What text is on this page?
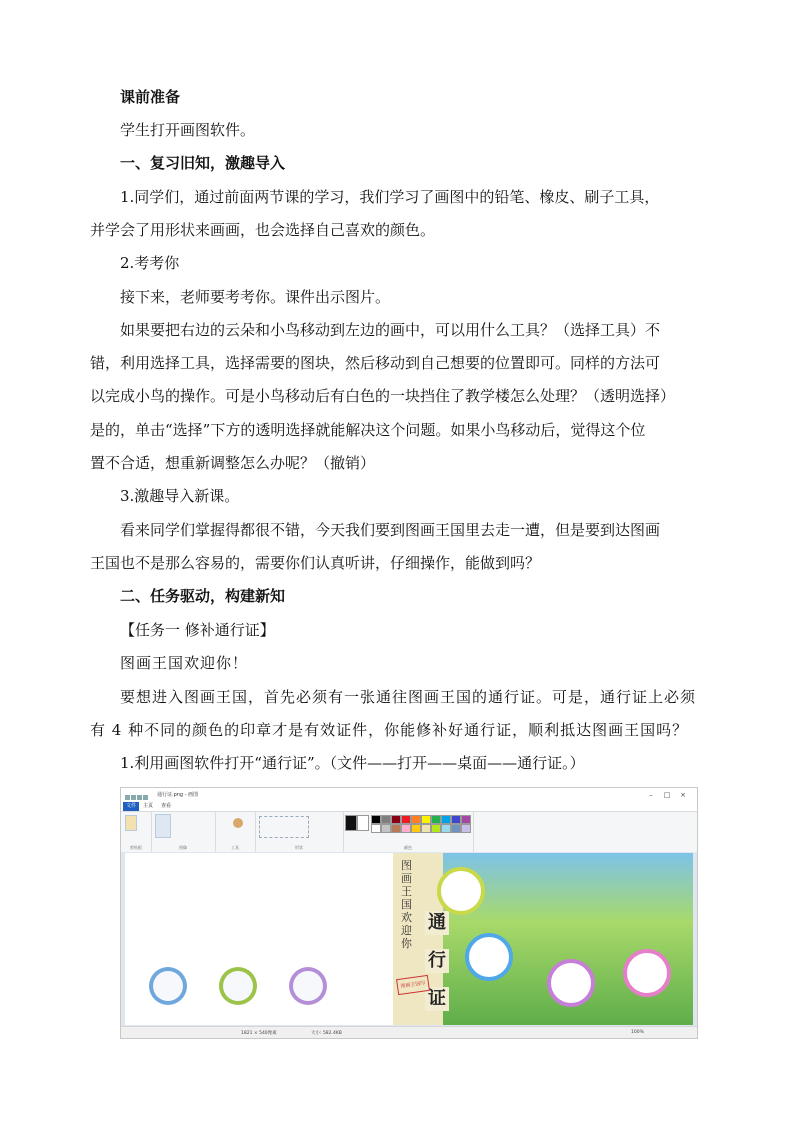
课前准备
学生打开画图软件。
一、复习旧知，激趣导入
1.同学们，通过前面两节课的学习，我们学习了画图中的铅笔、橡皮、刷子工具，
并学会了用形状来画画，也会选择自己喜欢的颜色。
2.考考你
接下来，老师要考考你。课件出示图片。
如果要把右边的云朵和小鸟移动到左边的画中，可以用什么工具？（选择工具）不
错，利用选择工具，选择需要的图块，然后移动到自己想要的位置即可。同样的方法可
以完成小鸟的操作。可是小鸟移动后有白色的一块挡住了教学楼怎么处理？（透明选择）
是的，单击“选择”下方的透明选择就能解决这个问题。如果小鸟移动后，觉得这个位
置不合适，想重新调整怎么办呢？（撤销）
3.激趣导入新课。
看来同学们掌握得都很不错，今天我们要到图画王国里去走一遭，但是要到达图画
王国也不是那么容易的，需要你们认真听讲，仔细操作，能做到吗？
二、任务驱动，构建新知
【任务一 修补通行证】
图画王国欢迎你！
要想进入图画王国，首先必须有一张通往图画王国的通行证。可是，通行证上必须
有 4 种不同的颜色的印章才是有效证件，你能修补好通行证，顺利抵达图画王国吗？
1.利用画图软件打开“通行证”。（文件——打开——桌面——通行证。）
通行证.png - 画图	– □ ×
文件	主页 查看
剪贴板	图像	工具	形状	颜色
图画王国欢迎你
通
行
证
图画王国印
1821 × 540像素	大小: 582.4KB	100%
